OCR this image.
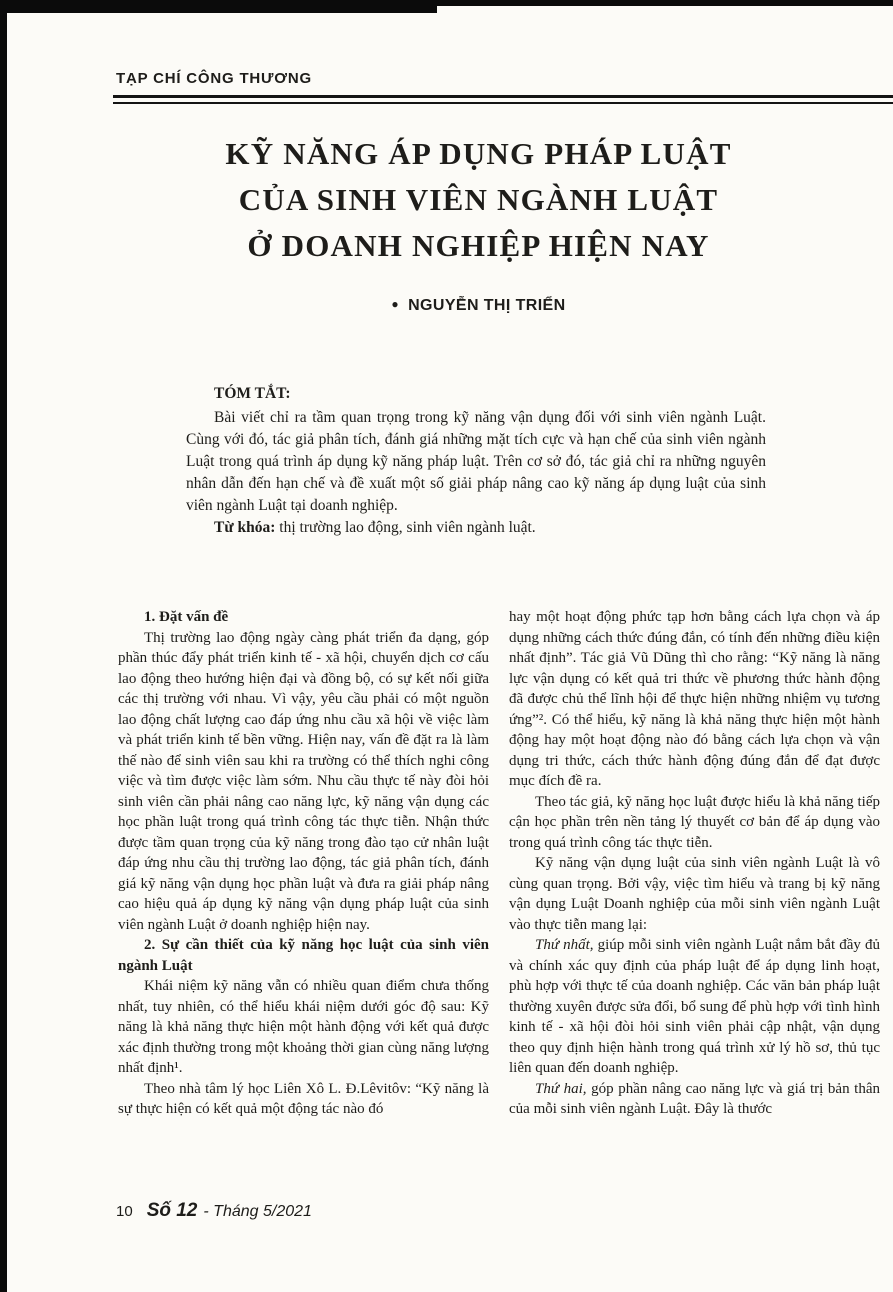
TẠP CHÍ CÔNG THƯƠNG
KỸ NĂNG ÁP DỤNG PHÁP LUẬT
CỦA SINH VIÊN NGÀNH LUẬT
Ở DOANH NGHIỆP HIỆN NAY
● NGUYỄN THỊ TRIỂN

TÓM TẮT:

Bài viết chỉ ra tầm quan trọng trong kỹ năng vận dụng đối với sinh viên ngành Luật. Cùng với đó, tác giả phân tích, đánh giá những mặt tích cực và hạn chế của sinh viên ngành Luật trong quá trình áp dụng kỹ năng pháp luật. Trên cơ sở đó, tác giả chỉ ra những nguyên nhân dẫn đến hạn chế và đề xuất một số giải pháp nâng cao kỹ năng áp dụng luật của sinh viên ngành Luật tại doanh nghiệp.

Từ khóa: thị trường lao động, sinh viên ngành luật.

1. Đặt vấn đề

Thị trường lao động ngày càng phát triển đa dạng, góp phần thúc đẩy phát triển kinh tế - xã hội, chuyển dịch cơ cấu lao động theo hướng hiện đại và đồng bộ, có sự kết nối giữa các thị trường với nhau. Vì vậy, yêu cầu phải có một nguồn lao động chất lượng cao đáp ứng nhu cầu xã hội về việc làm và phát triển kinh tế bền vững. Hiện nay, vấn đề đặt ra là làm thế nào để sinh viên sau khi ra trường có thể thích nghi công việc và tìm được việc làm sớm. Nhu cầu thực tế này đòi hỏi sinh viên cần phải nâng cao năng lực, kỹ năng vận dụng các học phần luật trong quá trình công tác thực tiễn. Nhận thức được tầm quan trọng của kỹ năng trong đào tạo cử nhân luật đáp ứng nhu cầu thị trường lao động, tác giả phân tích, đánh giá kỹ năng vận dụng học phần luật và đưa ra giải pháp nâng cao hiệu quả áp dụng kỹ năng vận dụng pháp luật của sinh viên ngành Luật ở doanh nghiệp hiện nay.

2. Sự cần thiết của kỹ năng học luật của sinh viên ngành Luật

Khái niệm kỹ năng vẫn có nhiều quan điểm chưa thống nhất, tuy nhiên, có thể hiểu khái niệm dưới góc độ sau: Kỹ năng là khả năng thực hiện một hành động với kết quả được xác định thường trong một khoảng thời gian cùng năng lượng nhất định¹.

Theo nhà tâm lý học Liên Xô L. Đ.Lêvitôv: “Kỹ năng là sự thực hiện có kết quả một động tác nào đó

hay một hoạt động phức tạp hơn bằng cách lựa chọn và áp dụng những cách thức đúng đắn, có tính đến những điều kiện nhất định”. Tác giả Vũ Dũng thì cho rằng: “Kỹ năng là năng lực vận dụng có kết quả tri thức về phương thức hành động đã được chủ thể lĩnh hội để thực hiện những nhiệm vụ tương ứng”². Có thể hiểu, kỹ năng là khả năng thực hiện một hành động hay một hoạt động nào đó bằng cách lựa chọn và vận dụng tri thức, cách thức hành động đúng đắn để đạt được mục đích đề ra.

Theo tác giả, kỹ năng học luật được hiểu là khả năng tiếp cận học phần trên nền tảng lý thuyết cơ bản để áp dụng vào trong quá trình công tác thực tiễn.

Kỹ năng vận dụng luật của sinh viên ngành Luật là vô cùng quan trọng. Bởi vậy, việc tìm hiểu và trang bị kỹ năng vận dụng Luật Doanh nghiệp của mỗi sinh viên ngành Luật vào thực tiễn mang lại:

Thứ nhất, giúp mỗi sinh viên ngành Luật nắm bắt đầy đủ và chính xác quy định của pháp luật để áp dụng linh hoạt, phù hợp với thực tế của doanh nghiệp. Các văn bản pháp luật thường xuyên được sửa đổi, bổ sung để phù hợp với tình hình kinh tế - xã hội đòi hỏi sinh viên phải cập nhật, vận dụng theo quy định hiện hành trong quá trình xử lý hồ sơ, thủ tục liên quan đến doanh nghiệp.

Thứ hai, góp phần nâng cao năng lực và giá trị bản thân của mỗi sinh viên ngành Luật. Đây là thước

10 Số 12 - Tháng 5/2021
